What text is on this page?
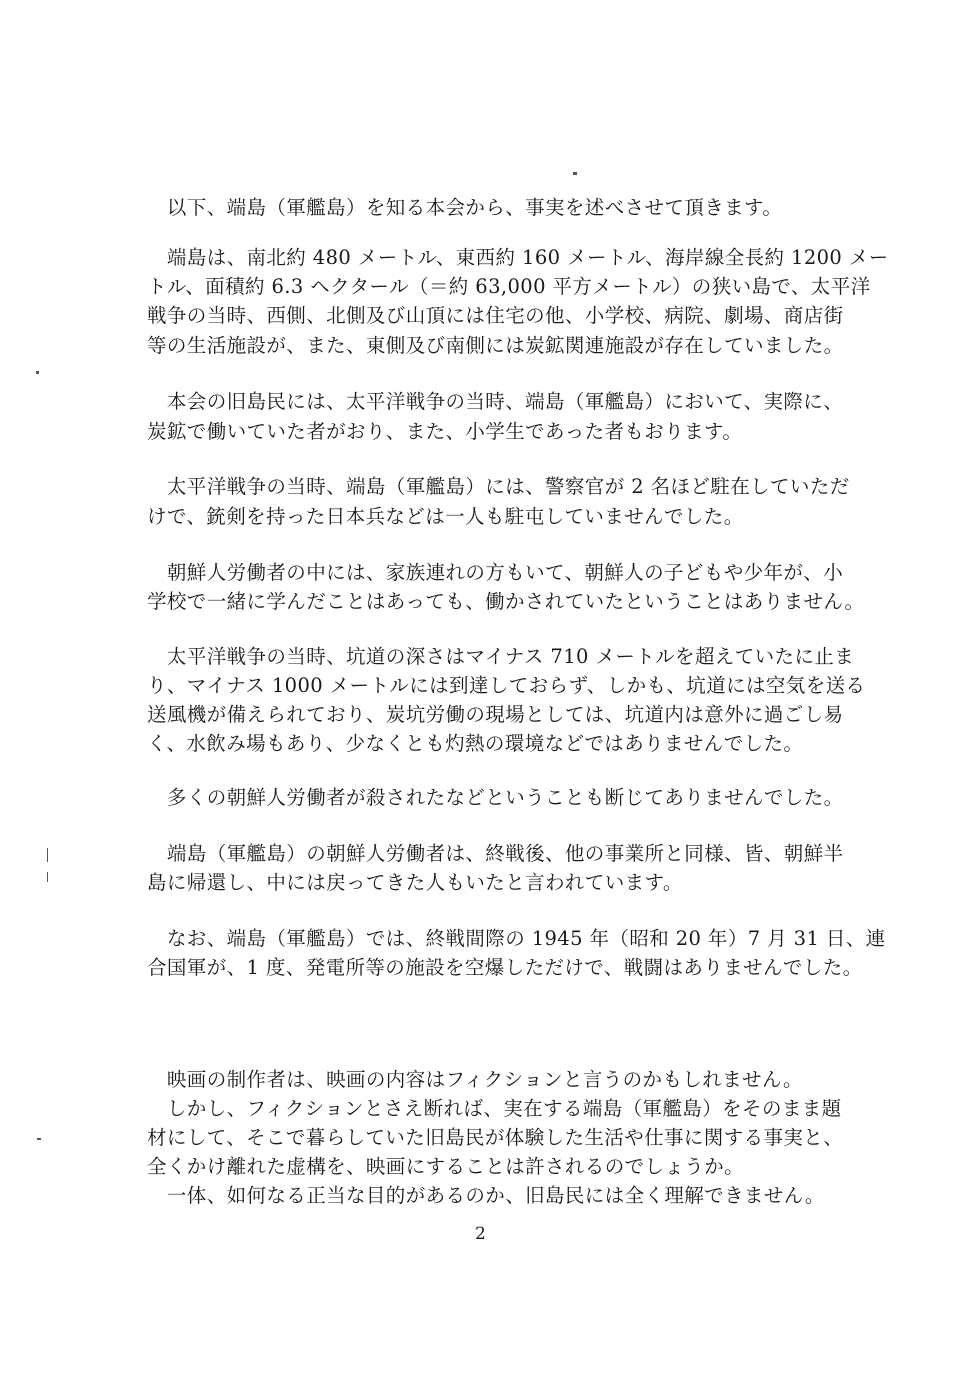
　以下、端島（軍艦島）を知る本会から、事実を述べさせて頂きます。
　端島は、南北約 480 メートル、東西約 160 メートル、海岸線全長約 1200 メー
トル、面積約 6.3 ヘクタール（＝約 63,000 平方メートル）の狭い島で、太平洋
戦争の当時、西側、北側及び山頂には住宅の他、小学校、病院、劇場、商店街
等の生活施設が、また、東側及び南側には炭鉱関連施設が存在していました。
　本会の旧島民には、太平洋戦争の当時、端島（軍艦島）において、実際に、
炭鉱で働いていた者がおり、また、小学生であった者もおります。
　太平洋戦争の当時、端島（軍艦島）には、警察官が 2 名ほど駐在していただ
けで、銃剣を持った日本兵などは一人も駐屯していませんでした。
　朝鮮人労働者の中には、家族連れの方もいて、朝鮮人の子どもや少年が、小
学校で一緒に学んだことはあっても、働かされていたということはありません。
　太平洋戦争の当時、坑道の深さはマイナス 710 メートルを超えていたに止ま
り、マイナス 1000 メートルには到達しておらず、しかも、坑道には空気を送る
送風機が備えられており、炭坑労働の現場としては、坑道内は意外に過ごし易
く、水飲み場もあり、少なくとも灼熱の環境などではありませんでした。
　多くの朝鮮人労働者が殺されたなどということも断じてありませんでした。
　端島（軍艦島）の朝鮮人労働者は、終戦後、他の事業所と同様、皆、朝鮮半
島に帰還し、中には戻ってきた人もいたと言われています。
　なお、端島（軍艦島）では、終戦間際の 1945 年（昭和 20 年）7 月 31 日、連
合国軍が、1 度、発電所等の施設を空爆しただけで、戦闘はありませんでした。
　映画の制作者は、映画の内容はフィクションと言うのかもしれません。
　しかし、フィクションとさえ断れば、実在する端島（軍艦島）をそのまま題
材にして、そこで暮らしていた旧島民が体験した生活や仕事に関する事実と、
全くかけ離れた虚構を、映画にすることは許されるのでしょうか。
　一体、如何なる正当な目的があるのか、旧島民には全く理解できません。
2
